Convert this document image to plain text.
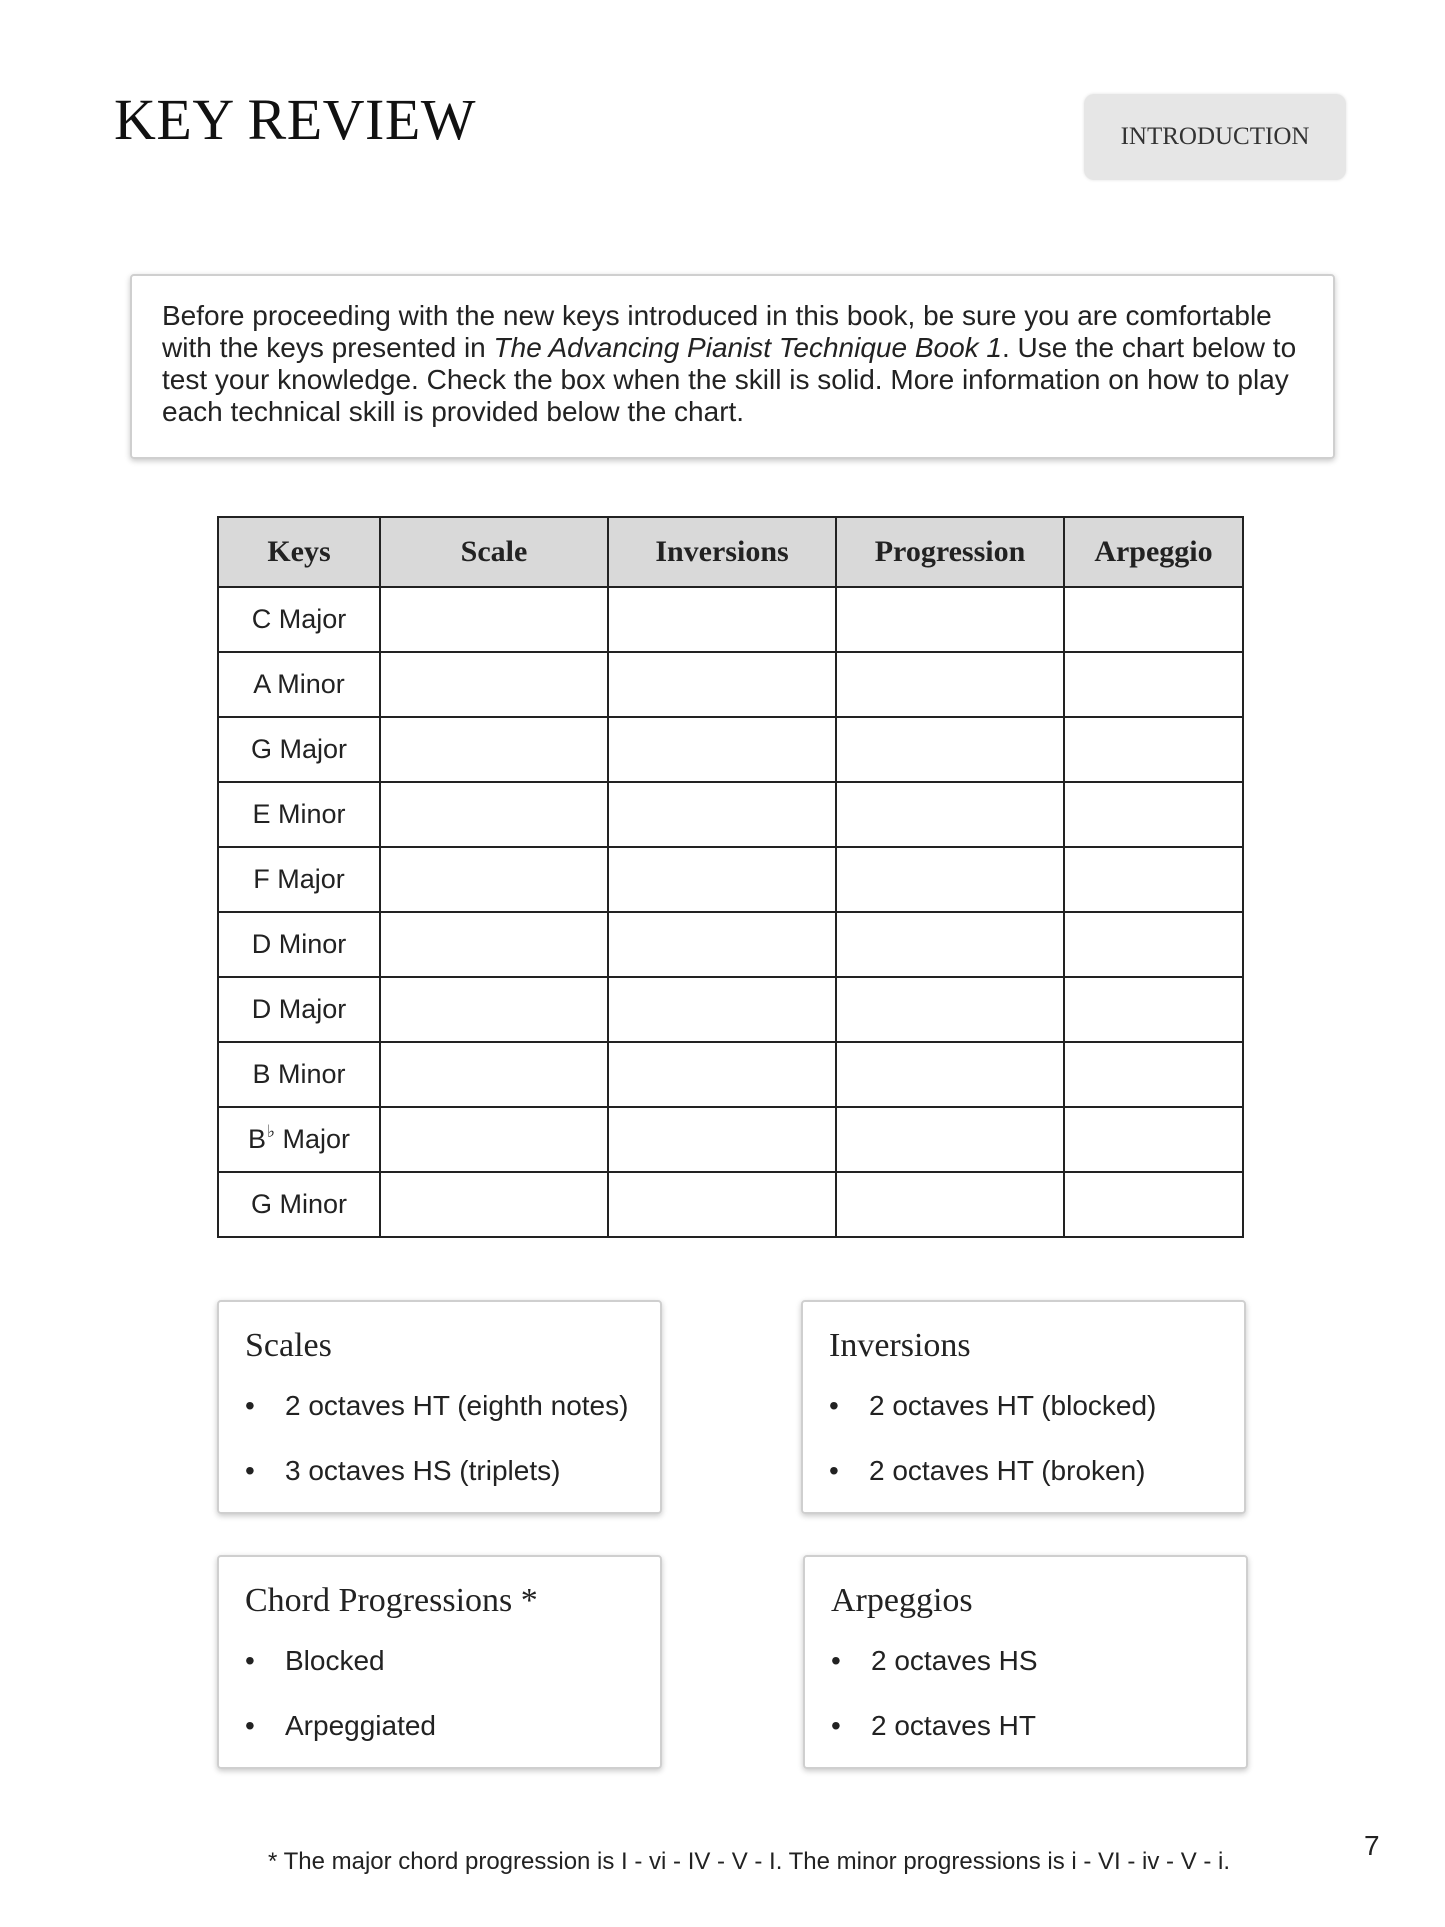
KEY REVIEW	INTRODUCTION
Before proceeding with the new keys introduced in this book, be sure you are comfortable with the keys presented in The Advancing Pianist Technique Book 1. Use the chart below to test your knowledge. Check the box when the skill is solid. More information on how to play each technical skill is provided below the chart.
Keys	Scale	Inversions	Progression	Arpeggio
C Major				
A Minor				
G Major				
E Minor				
F Major				
D Minor				
D Major				
B Minor				
B♭ Major				
G Minor				
Scales
•	2 octaves HT (eighth notes)
•	3 octaves HS (triplets)
Inversions
•	2 octaves HT (blocked)
•	2 octaves HT (broken)
Chord Progressions *
•	Blocked
•	Arpeggiated
Arpeggios
•	2 octaves HS
•	2 octaves HT
* The major chord progression is I - vi - IV - V - I. The minor progressions is i - VI - iv - V - i.
7
